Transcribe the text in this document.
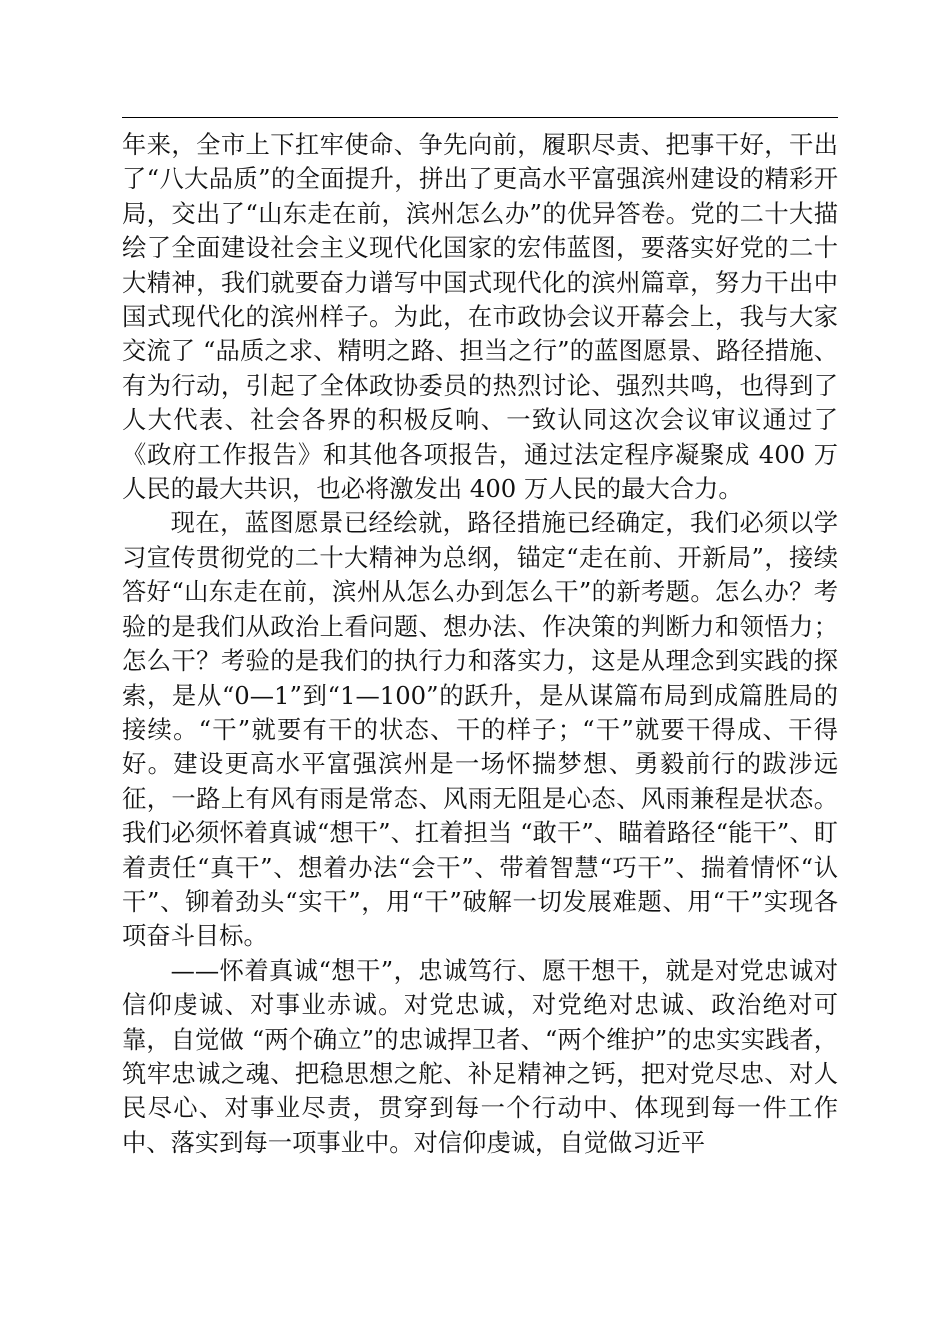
年来，全市上下扛牢使命、争先向前，履职尽责、把事干好，干出了“八大品质”的全面提升，拼出了更高水平富强滨州建设的精彩开局，交出了“山东走在前，滨州怎么办”的优异答卷。党的二十大描绘了全面建设社会主义现代化国家的宏伟蓝图，要落实好党的二十大精神，我们就要奋力谱写中国式现代化的滨州篇章，努力干出中国式现代化的滨州样子。为此，在市政协会议开幕会上，我与大家交流了 “品质之求、精明之路、担当之行”的蓝图愿景、路径措施、有为行动，引起了全体政协委员的热烈讨论、强烈共鸣，也得到了人大代表、社会各界的积极反响、一致认同这次会议审议通过了《政府工作报告》和其他各项报告，通过法定程序凝聚成 400 万人民的最大共识，也必将激发出 400 万人民的最大合力。

现在，蓝图愿景已经绘就，路径措施已经确定，我们必须以学习宣传贯彻党的二十大精神为总纲，锚定“走在前、开新局”，接续答好“山东走在前，滨州从怎么办到怎么干”的新考题。怎么办？考验的是我们从政治上看问题、想办法、作决策的判断力和领悟力；怎么干？考验的是我们的执行力和落实力，这是从理念到实践的探索，是从“0—1”到“1—100”的跃升，是从谋篇布局到成篇胜局的接续。“干”就要有干的状态、干的样子；“干”就要干得成、干得好。建设更高水平富强滨州是一场怀揣梦想、勇毅前行的跋涉远征，一路上有风有雨是常态、风雨无阻是心态、风雨兼程是状态。我们必须怀着真诚“想干”、扛着担当 “敢干”、瞄着路径“能干”、盯着责任“真干”、想着办法“会干”、带着智慧“巧干”、揣着情怀“认干”、铆着劲头“实干”，用“干”破解一切发展难题、用“干”实现各项奋斗目标。

——怀着真诚“想干”，忠诚笃行、愿干想干，就是对党忠诚对信仰虔诚、对事业赤诚。对党忠诚，对党绝对忠诚、政治绝对可靠，自觉做 “两个确立”的忠诚捍卫者、“两个维护”的忠实实践者，筑牢忠诚之魂、把稳思想之舵、补足精神之钙，把对党尽忠、对人民尽心、对事业尽责，贯穿到每一个行动中、体现到每一件工作中、落实到每一项事业中。对信仰虔诚，自觉做习近平
